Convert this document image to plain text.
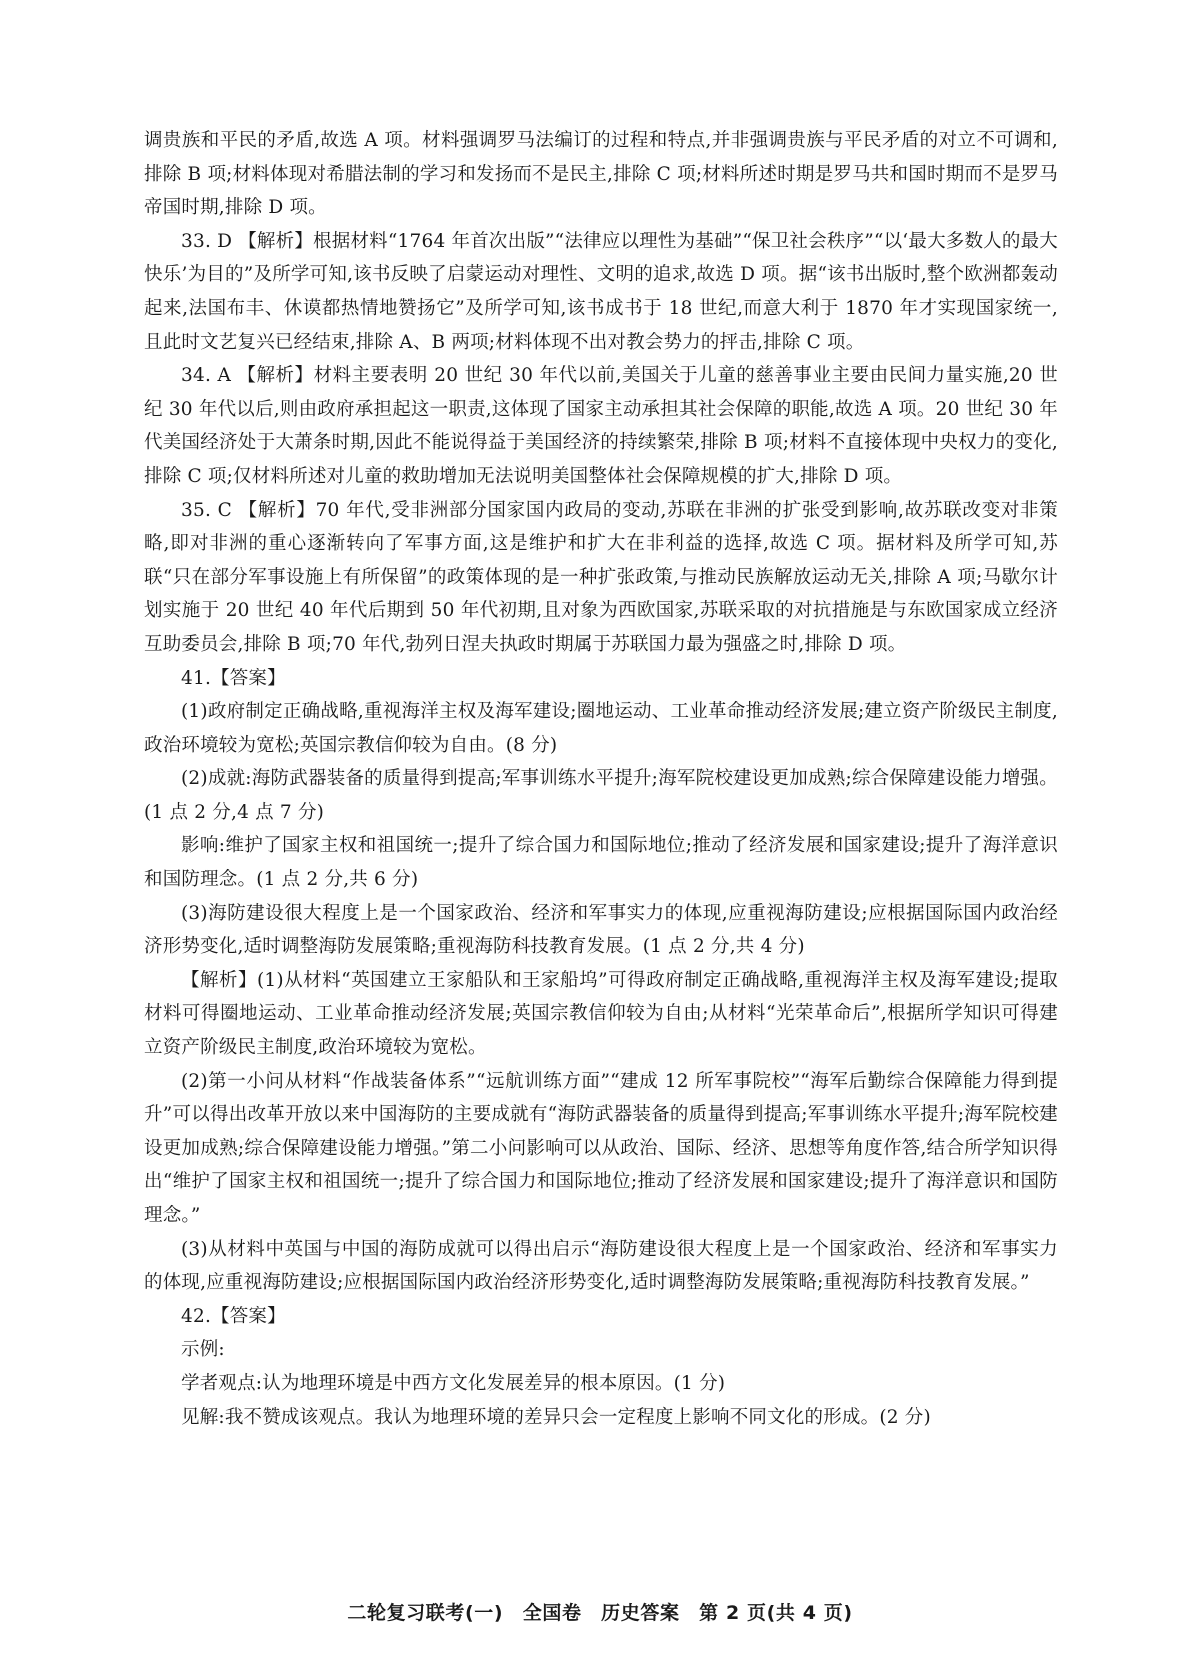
调贵族和平民的矛盾,故选 A 项。材料强调罗马法编订的过程和特点,并非强调贵族与平民矛盾的对立不可调和,排除 B 项;材料体现对希腊法制的学习和发扬而不是民主,排除 C 项;材料所述时期是罗马共和国时期而不是罗马帝国时期,排除 D 项。

33. D 【解析】根据材料“1764 年首次出版”“法律应以理性为基础”“保卫社会秩序”“以‘最大多数人的最大快乐’为目的”及所学可知,该书反映了启蒙运动对理性、文明的追求,故选 D 项。据“该书出版时,整个欧洲都轰动起来,法国布丰、休谟都热情地赞扬它”及所学可知,该书成书于 18 世纪,而意大利于 1870 年才实现国家统一,且此时文艺复兴已经结束,排除 A、B 两项;材料体现不出对教会势力的抨击,排除 C 项。

34. A 【解析】材料主要表明 20 世纪 30 年代以前,美国关于儿童的慈善事业主要由民间力量实施,20 世纪 30 年代以后,则由政府承担起这一职责,这体现了国家主动承担其社会保障的职能,故选 A 项。20 世纪 30 年代美国经济处于大萧条时期,因此不能说得益于美国经济的持续繁荣,排除 B 项;材料不直接体现中央权力的变化,排除 C 项;仅材料所述对儿童的救助增加无法说明美国整体社会保障规模的扩大,排除 D 项。

35. C 【解析】70 年代,受非洲部分国家国内政局的变动,苏联在非洲的扩张受到影响,故苏联改变对非策略,即对非洲的重心逐渐转向了军事方面,这是维护和扩大在非利益的选择,故选 C 项。据材料及所学可知,苏联“只在部分军事设施上有所保留”的政策体现的是一种扩张政策,与推动民族解放运动无关,排除 A 项;马歇尔计划实施于 20 世纪 40 年代后期到 50 年代初期,且对象为西欧国家,苏联采取的对抗措施是与东欧国家成立经济互助委员会,排除 B 项;70 年代,勃列日涅夫执政时期属于苏联国力最为强盛之时,排除 D 项。

41.【答案】

(1)政府制定正确战略,重视海洋主权及海军建设;圈地运动、工业革命推动经济发展;建立资产阶级民主制度,政治环境较为宽松;英国宗教信仰较为自由。(8 分)

(2)成就:海防武器装备的质量得到提高;军事训练水平提升;海军院校建设更加成熟;综合保障建设能力增强。(1 点 2 分,4 点 7 分)

影响:维护了国家主权和祖国统一;提升了综合国力和国际地位;推动了经济发展和国家建设;提升了海洋意识和国防理念。(1 点 2 分,共 6 分)

(3)海防建设很大程度上是一个国家政治、经济和军事实力的体现,应重视海防建设;应根据国际国内政治经济形势变化,适时调整海防发展策略;重视海防科技教育发展。(1 点 2 分,共 4 分)

【解析】(1)从材料“英国建立王家船队和王家船坞”可得政府制定正确战略,重视海洋主权及海军建设;提取材料可得圈地运动、工业革命推动经济发展;英国宗教信仰较为自由;从材料“光荣革命后”,根据所学知识可得建立资产阶级民主制度,政治环境较为宽松。

(2)第一小问从材料“作战装备体系”“远航训练方面”“建成 12 所军事院校”“海军后勤综合保障能力得到提升”可以得出改革开放以来中国海防的主要成就有“海防武器装备的质量得到提高;军事训练水平提升;海军院校建设更加成熟;综合保障建设能力增强。”第二小问影响可以从政治、国际、经济、思想等角度作答,结合所学知识得出“维护了国家主权和祖国统一;提升了综合国力和国际地位;推动了经济发展和国家建设;提升了海洋意识和国防理念。”

(3)从材料中英国与中国的海防成就可以得出启示“海防建设很大程度上是一个国家政治、经济和军事实力的体现,应重视海防建设;应根据国际国内政治经济形势变化,适时调整海防发展策略;重视海防科技教育发展。”

42.【答案】

示例:

学者观点:认为地理环境是中西方文化发展差异的根本原因。(1 分)

见解:我不赞成该观点。我认为地理环境的差异只会一定程度上影响不同文化的形成。(2 分)

二轮复习联考(一)　全国卷　历史答案　第 2 页(共 4 页)
